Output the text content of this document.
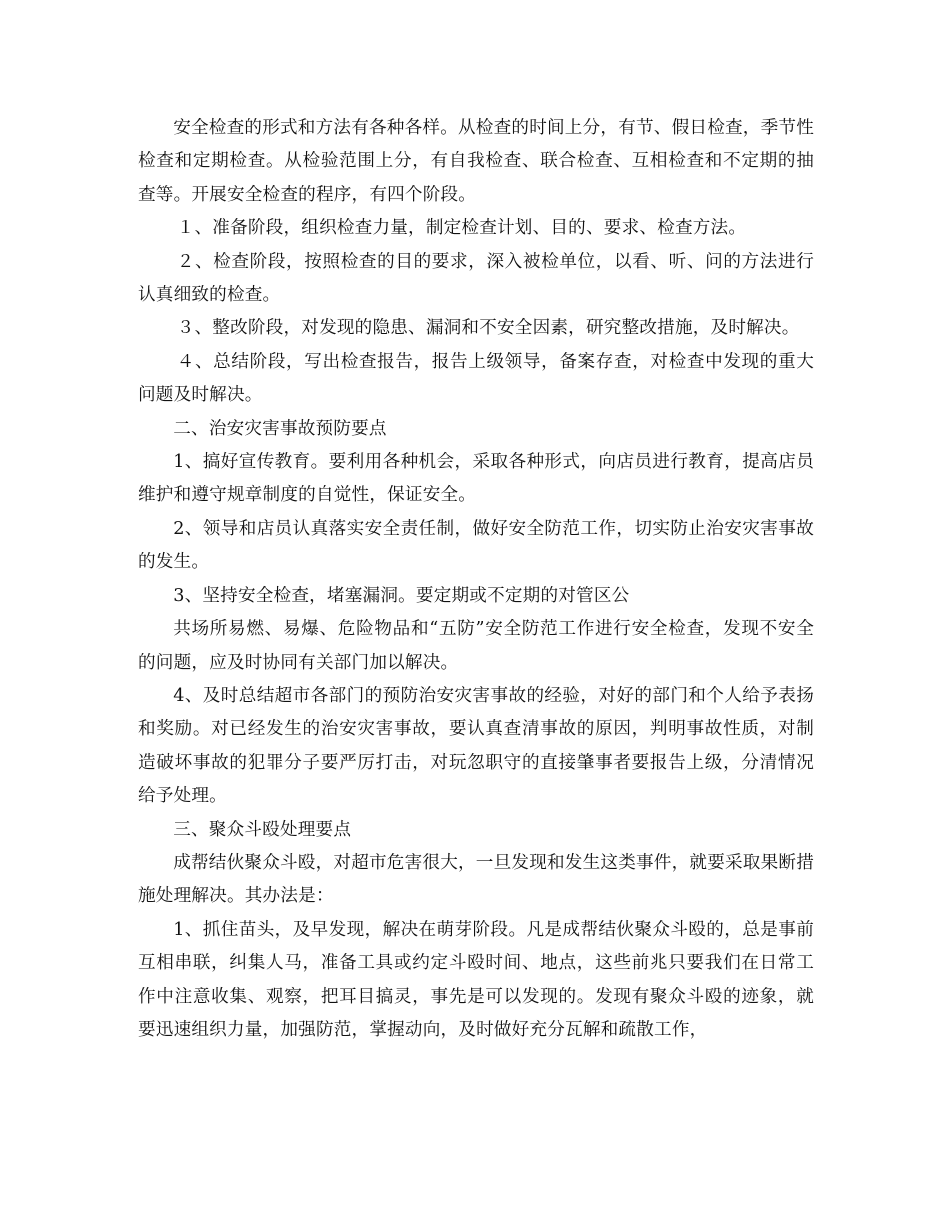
安全检查的形式和方法有各种各样。从检查的时间上分，有节、假日检查，季节性检查和定期检查。从检验范围上分，有自我检查、联合检查、互相检查和不定期的抽查等。开展安全检查的程序，有四个阶段。

１、准备阶段，组织检查力量，制定检查计划、目的、要求、检查方法。

２、检查阶段，按照检查的目的要求，深入被检单位，以看、听、问的方法进行认真细致的检查。

３、整改阶段，对发现的隐患、漏洞和不安全因素，研究整改措施，及时解决。

４、总结阶段，写出检查报告，报告上级领导，备案存查，对检查中发现的重大问题及时解决。

二、治安灾害事故预防要点

1、搞好宣传教育。要利用各种机会，采取各种形式，向店员进行教育，提高店员维护和遵守规章制度的自觉性，保证安全。

2、领导和店员认真落实安全责任制，做好安全防范工作，切实防止治安灾害事故的发生。

3、坚持安全检查，堵塞漏洞。要定期或不定期的对管区公

共场所易燃、易爆、危险物品和“五防”安全防范工作进行安全检查，发现不安全的问题，应及时协同有关部门加以解决。

4、及时总结超市各部门的预防治安灾害事故的经验，对好的部门和个人给予表扬和奖励。对已经发生的治安灾害事故，要认真查清事故的原因，判明事故性质，对制造破坏事故的犯罪分子要严厉打击，对玩忽职守的直接肇事者要报告上级，分清情况给予处理。

三、聚众斗殴处理要点

成帮结伙聚众斗殴，对超市危害很大，一旦发现和发生这类事件，就要采取果断措施处理解决。其办法是：

1、抓住苗头，及早发现，解决在萌芽阶段。凡是成帮结伙聚众斗殴的，总是事前互相串联，纠集人马，准备工具或约定斗殴时间、地点，这些前兆只要我们在日常工作中注意收集、观察，把耳目搞灵，事先是可以发现的。发现有聚众斗殴的迹象，就要迅速组织力量，加强防范，掌握动向，及时做好充分瓦解和疏散工作，
